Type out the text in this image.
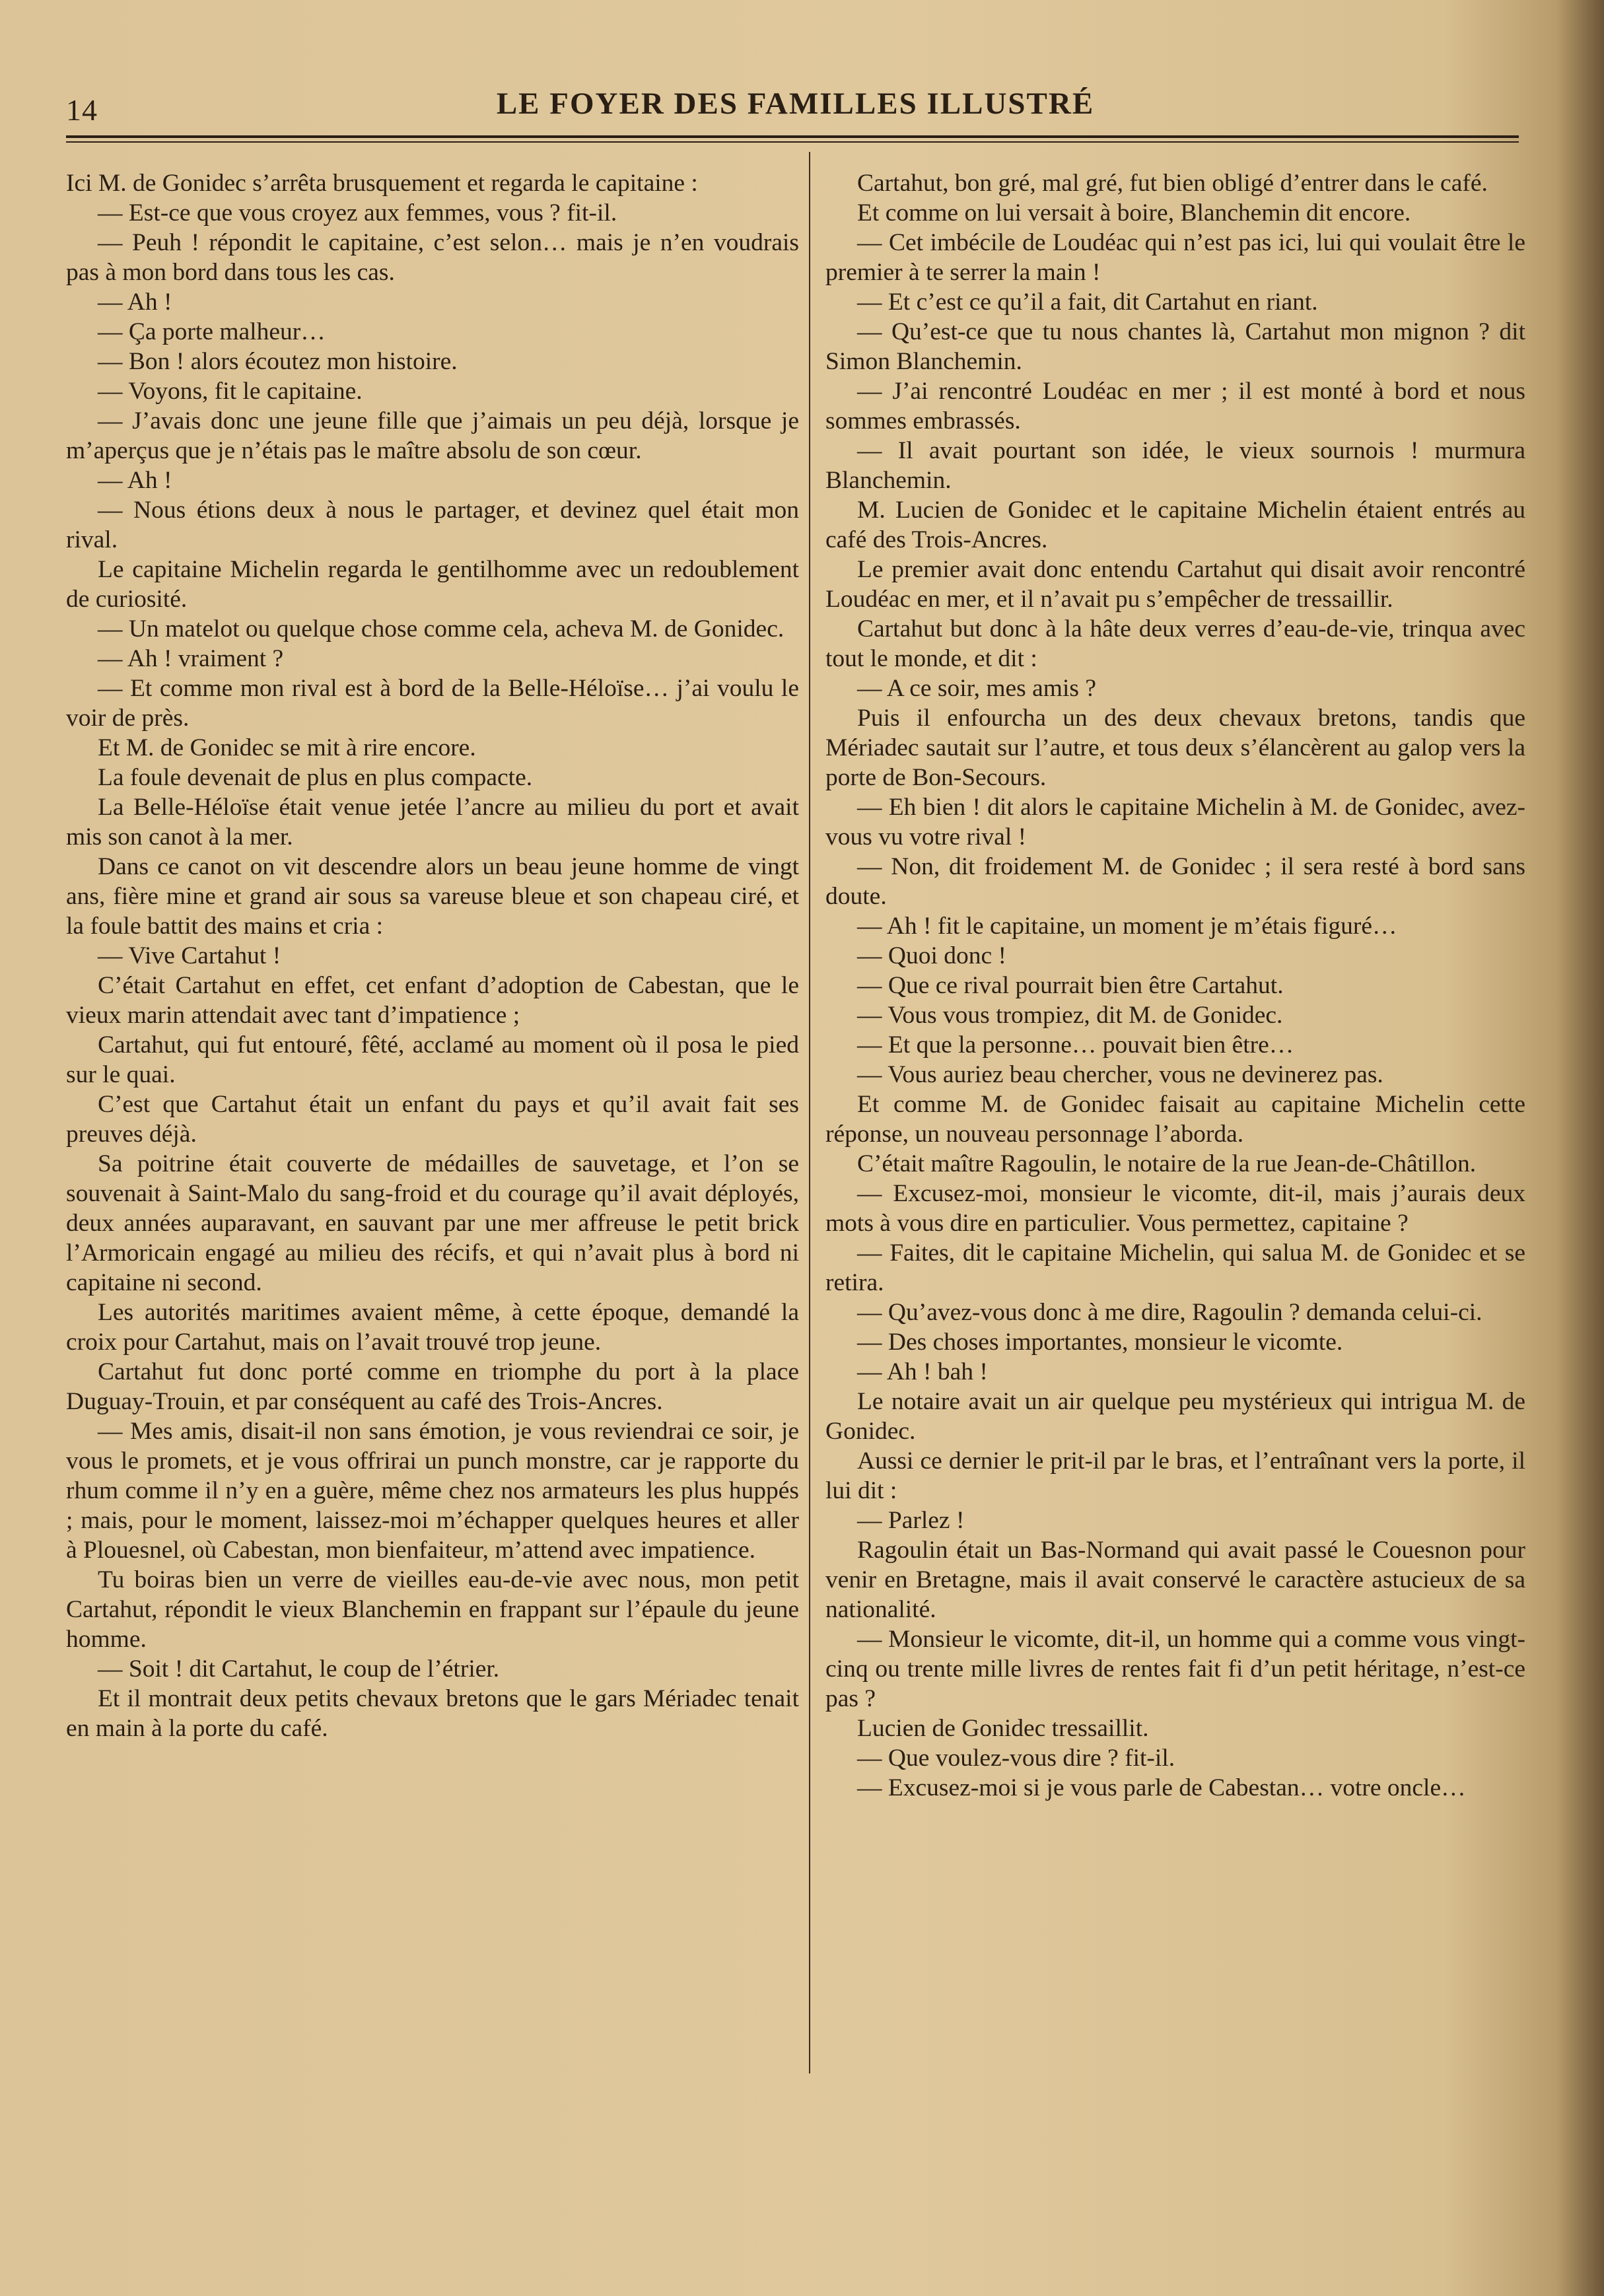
14	LE FOYER DES FAMILLES ILLUSTRÉ

Ici M. de Gonidec s’arrêta brusquement et regarda le capitaine :

— Est-ce que vous croyez aux femmes, vous ? fit-il.

— Peuh ! répondit le capitaine, c’est selon… mais je n’en voudrais pas à mon bord dans tous les cas.

— Ah !

— Ça porte malheur…

— Bon ! alors écoutez mon histoire.

— Voyons, fit le capitaine.

— J’avais donc une jeune fille que j’aimais un peu déjà, lorsque je m’aperçus que je n’étais pas le maître absolu de son cœur.

— Ah !

— Nous étions deux à nous le partager, et devinez quel était mon rival.

Le capitaine Michelin regarda le gentilhomme avec un redoublement de curiosité.

— Un matelot ou quelque chose comme cela, acheva M. de Gonidec.

— Ah ! vraiment ?

— Et comme mon rival est à bord de la Belle-Héloïse… j’ai voulu le voir de près.

Et M. de Gonidec se mit à rire encore.

La foule devenait de plus en plus compacte.

La Belle-Héloïse était venue jetée l’ancre au milieu du port et avait mis son canot à la mer.

Dans ce canot on vit descendre alors un beau jeune homme de vingt ans, fière mine et grand air sous sa vareuse bleue et son chapeau ciré, et la foule battit des mains et cria :

— Vive Cartahut !

C’était Cartahut en effet, cet enfant d’adoption de Cabestan, que le vieux marin attendait avec tant d’impatience ;

Cartahut, qui fut entouré, fêté, acclamé au moment où il posa le pied sur le quai.

C’est que Cartahut était un enfant du pays et qu’il avait fait ses preuves déjà.

Sa poitrine était couverte de médailles de sauvetage, et l’on se souvenait à Saint-Malo du sang-froid et du courage qu’il avait déployés, deux années auparavant, en sauvant par une mer affreuse le petit brick l’Armoricain engagé au milieu des récifs, et qui n’avait plus à bord ni capitaine ni second.

Les autorités maritimes avaient même, à cette époque, demandé la croix pour Cartahut, mais on l’avait trouvé trop jeune.

Cartahut fut donc porté comme en triomphe du port à la place Duguay-Trouin, et par conséquent au café des Trois-Ancres.

— Mes amis, disait-il non sans émotion, je vous reviendrai ce soir, je vous le promets, et je vous offrirai un punch monstre, car je rapporte du rhum comme il n’y en a guère, même chez nos armateurs les plus huppés ; mais, pour le moment, laissez-moi m’échapper quelques heures et aller à Plouesnel, où Cabestan, mon bienfaiteur, m’attend avec impatience.

Tu boiras bien un verre de vieilles eau-de-vie avec nous, mon petit Cartahut, répondit le vieux Blanchemin en frappant sur l’épaule du jeune homme.

— Soit ! dit Cartahut, le coup de l’étrier.

Et il montrait deux petits chevaux bretons que le gars Mériadec tenait en main à la porte du café.

Cartahut, bon gré, mal gré, fut bien obligé d’entrer dans le café.

Et comme on lui versait à boire, Blanchemin dit encore.

— Cet imbécile de Loudéac qui n’est pas ici, lui qui voulait être le premier à te serrer la main !

— Et c’est ce qu’il a fait, dit Cartahut en riant.

— Qu’est-ce que tu nous chantes là, Cartahut mon mignon ? dit Simon Blanchemin.

— J’ai rencontré Loudéac en mer ; il est monté à bord et nous sommes embrassés.

— Il avait pourtant son idée, le vieux sournois ! murmura Blanchemin.

M. Lucien de Gonidec et le capitaine Michelin étaient entrés au café des Trois-Ancres.

Le premier avait donc entendu Cartahut qui disait avoir rencontré Loudéac en mer, et il n’avait pu s’empêcher de tressaillir.

Cartahut but donc à la hâte deux verres d’eau-de-vie, trinqua avec tout le monde, et dit :

— A ce soir, mes amis ?

Puis il enfourcha un des deux chevaux bretons, tandis que Mériadec sautait sur l’autre, et tous deux s’élancèrent au galop vers la porte de Bon-Secours.

— Eh bien ! dit alors le capitaine Michelin à M. de Gonidec, avez-vous vu votre rival !

— Non, dit froidement M. de Gonidec ; il sera resté à bord sans doute.

— Ah ! fit le capitaine, un moment je m’étais figuré…

— Quoi donc !

— Que ce rival pourrait bien être Cartahut.

— Vous vous trompiez, dit M. de Gonidec.

— Et que la personne… pouvait bien être…

— Vous auriez beau chercher, vous ne devinerez pas.

Et comme M. de Gonidec faisait au capitaine Michelin cette réponse, un nouveau personnage l’aborda.

C’était maître Ragoulin, le notaire de la rue Jean-de-Châtillon.

— Excusez-moi, monsieur le vicomte, dit-il, mais j’aurais deux mots à vous dire en particulier. Vous permettez, capitaine ?

— Faites, dit le capitaine Michelin, qui salua M. de Gonidec et se retira.

— Qu’avez-vous donc à me dire, Ragoulin ? demanda celui-ci.

— Des choses importantes, monsieur le vicomte.

— Ah ! bah !

Le notaire avait un air quelque peu mystérieux qui intrigua M. de Gonidec.

Aussi ce dernier le prit-il par le bras, et l’entraînant vers la porte, il lui dit :

— Parlez !

Ragoulin était un Bas-Normand qui avait passé le Couesnon pour venir en Bretagne, mais il avait conservé le caractère astucieux de sa nationalité.

— Monsieur le vicomte, dit-il, un homme qui a comme vous vingt-cinq ou trente mille livres de rentes fait fi d’un petit héritage, n’est-ce pas ?

Lucien de Gonidec tressaillit.

— Que voulez-vous dire ? fit-il.

— Excusez-moi si je vous parle de Cabestan… votre oncle…
